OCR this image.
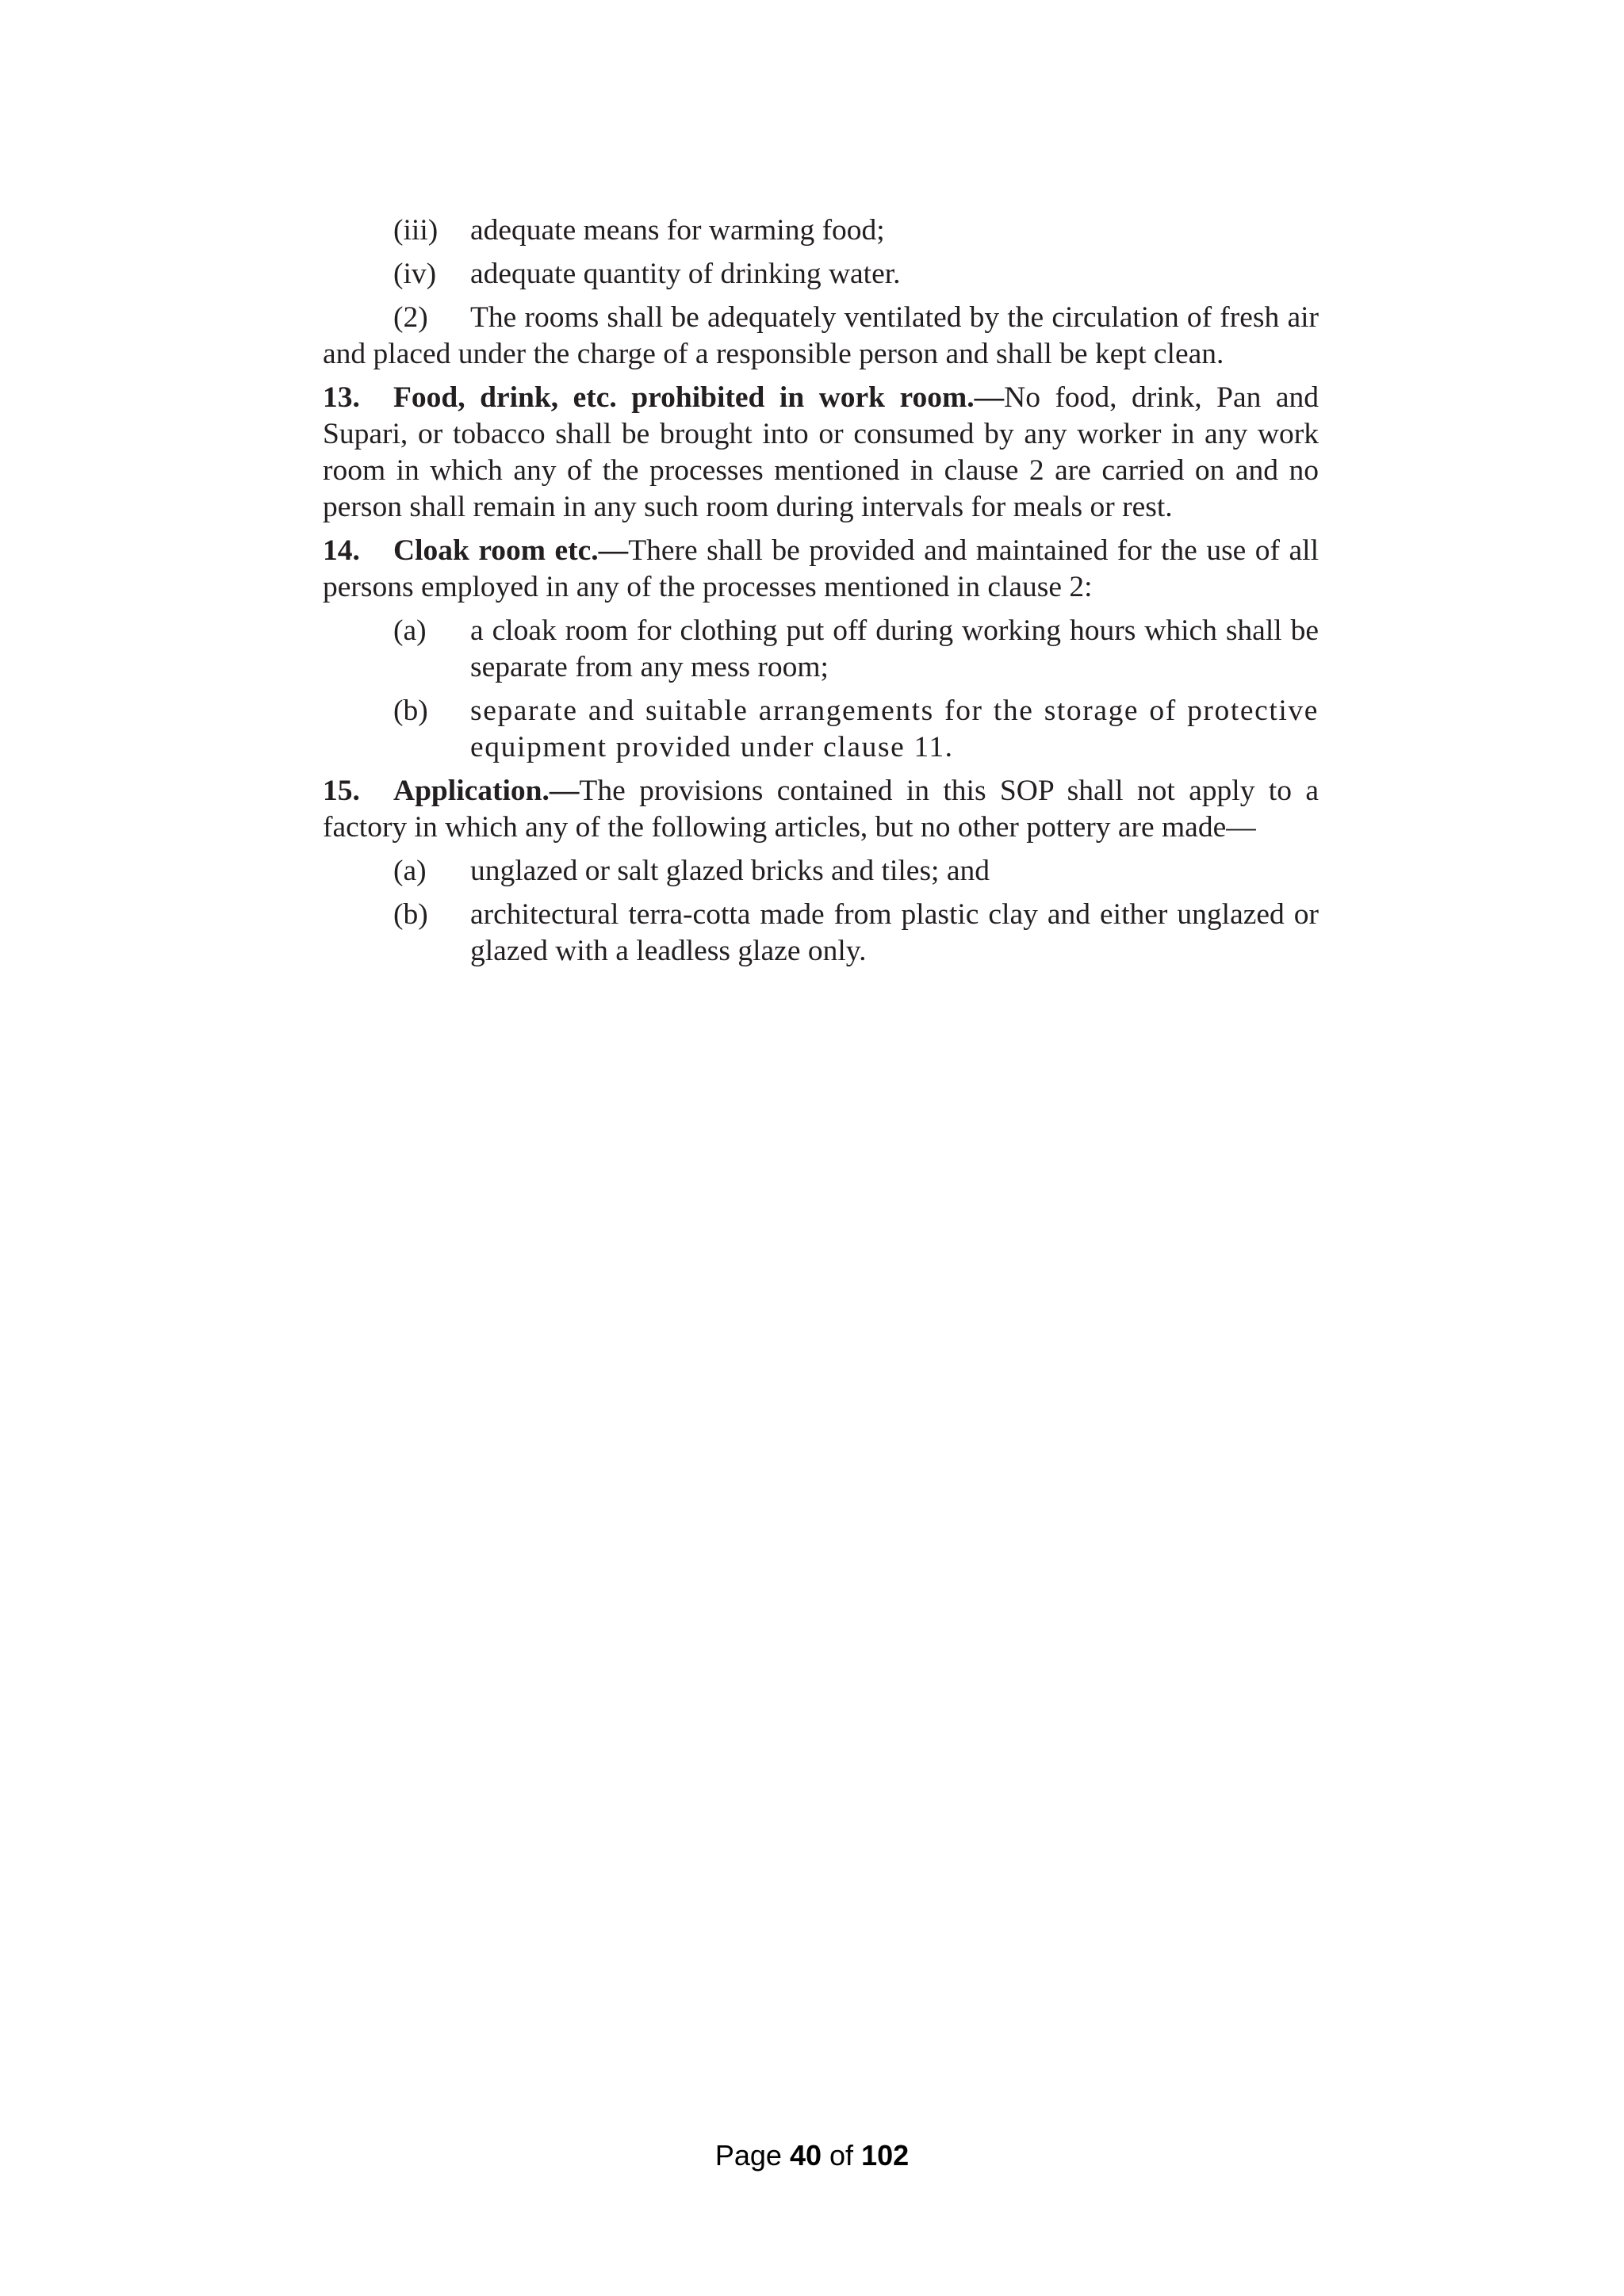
(iii) adequate means for warming food;
(iv) adequate quantity of drinking water.
(2) The rooms shall be adequately ventilated by the circulation of fresh air and placed under the charge of a responsible person and shall be kept clean.
13. Food, drink, etc. prohibited in work room.—No food, drink, Pan and Supari, or tobacco shall be brought into or consumed by any worker in any work room in which any of the processes mentioned in clause 2 are carried on and no person shall remain in any such room during intervals for meals or rest.
14. Cloak room etc.—There shall be provided and maintained for the use of all persons employed in any of the processes mentioned in clause 2:
(a) a cloak room for clothing put off during working hours which shall be separate from any mess room;
(b) separate and suitable arrangements for the storage of protective equipment provided under clause 11.
15. Application.—The provisions contained in this SOP shall not apply to a factory in which any of the following articles, but no other pottery are made—
(a) unglazed or salt glazed bricks and tiles; and
(b) architectural terra-cotta made from plastic clay and either unglazed or glazed with a leadless glaze only.
Page 40 of 102
